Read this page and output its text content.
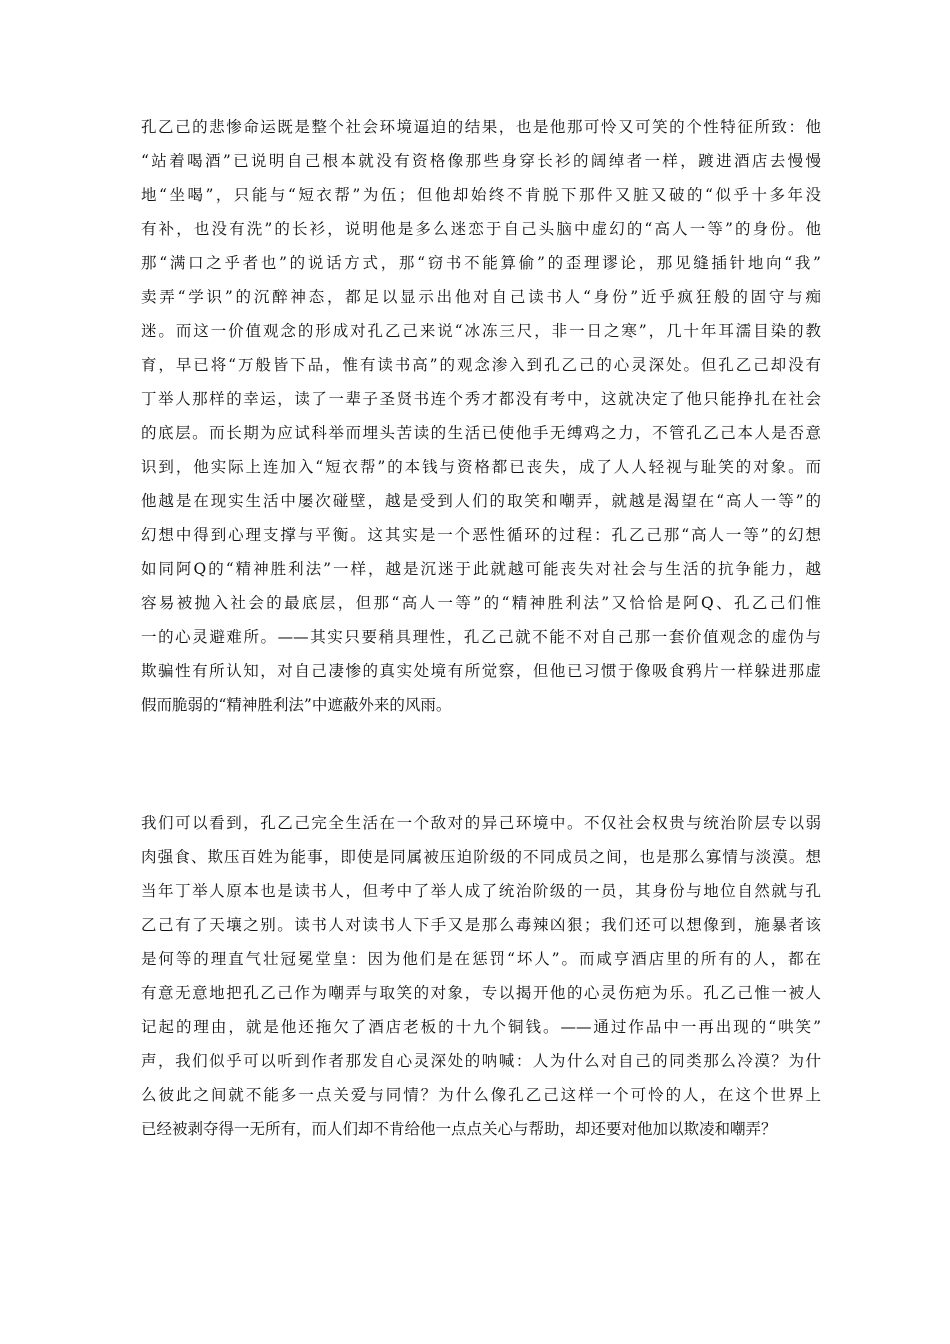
孔乙己的悲惨命运既是整个社会环境逼迫的结果，也是他那可怜又可笑的个性特征所致：他
“站着喝酒”已说明自己根本就没有资格像那些身穿长衫的阔绰者一样，踱进酒店去慢慢
地“坐喝”，只能与“短衣帮”为伍；但他却始终不肯脱下那件又脏又破的“似乎十多年没
有补，也没有洗”的长衫，说明他是多么迷恋于自己头脑中虚幻的“高人一等”的身份。他
那“满口之乎者也”的说话方式，那“窃书不能算偷”的歪理谬论，那见缝插针地向“我”
卖弄“学识”的沉醉神态，都足以显示出他对自己读书人“身份”近乎疯狂般的固守与痴
迷。而这一价值观念的形成对孔乙己来说“冰冻三尺，非一日之寒”，几十年耳濡目染的教
育，早已将“万般皆下品，惟有读书高”的观念渗入到孔乙己的心灵深处。但孔乙己却没有
丁举人那样的幸运，读了一辈子圣贤书连个秀才都没有考中，这就决定了他只能挣扎在社会
的底层。而长期为应试科举而埋头苦读的生活已使他手无缚鸡之力，不管孔乙己本人是否意
识到，他实际上连加入“短衣帮”的本钱与资格都已丧失，成了人人轻视与耻笑的对象。而
他越是在现实生活中屡次碰壁，越是受到人们的取笑和嘲弄，就越是渴望在“高人一等”的
幻想中得到心理支撑与平衡。这其实是一个恶性循环的过程：孔乙己那“高人一等”的幻想
如同阿Q的“精神胜利法”一样，越是沉迷于此就越可能丧失对社会与生活的抗争能力，越
容易被抛入社会的最底层，但那“高人一等”的“精神胜利法”又恰恰是阿Q、孔乙己们惟
一的心灵避难所。——其实只要稍具理性，孔乙己就不能不对自己那一套价值观念的虚伪与
欺骗性有所认知，对自己凄惨的真实处境有所觉察，但他已习惯于像吸食鸦片一样躲进那虚
假而脆弱的“精神胜利法”中遮蔽外来的风雨。
我们可以看到，孔乙己完全生活在一个敌对的异己环境中。不仅社会权贵与统治阶层专以弱
肉强食、欺压百姓为能事，即使是同属被压迫阶级的不同成员之间，也是那么寡情与淡漠。想
当年丁举人原本也是读书人，但考中了举人成了统治阶级的一员，其身份与地位自然就与孔
乙己有了天壤之别。读书人对读书人下手又是那么毒辣凶狠；我们还可以想像到，施暴者该
是何等的理直气壮冠冕堂皇：因为他们是在惩罚“坏人”。而咸亨酒店里的所有的人，都在
有意无意地把孔乙己作为嘲弄与取笑的对象，专以揭开他的心灵伤疤为乐。孔乙己惟一被人
记起的理由，就是他还拖欠了酒店老板的十九个铜钱。——通过作品中一再出现的“哄笑”
声，我们似乎可以听到作者那发自心灵深处的呐喊：人为什么对自己的同类那么冷漠？为什
么彼此之间就不能多一点关爱与同情？为什么像孔乙己这样一个可怜的人，在这个世界上
已经被剥夺得一无所有，而人们却不肯给他一点点关心与帮助，却还要对他加以欺凌和嘲弄？
